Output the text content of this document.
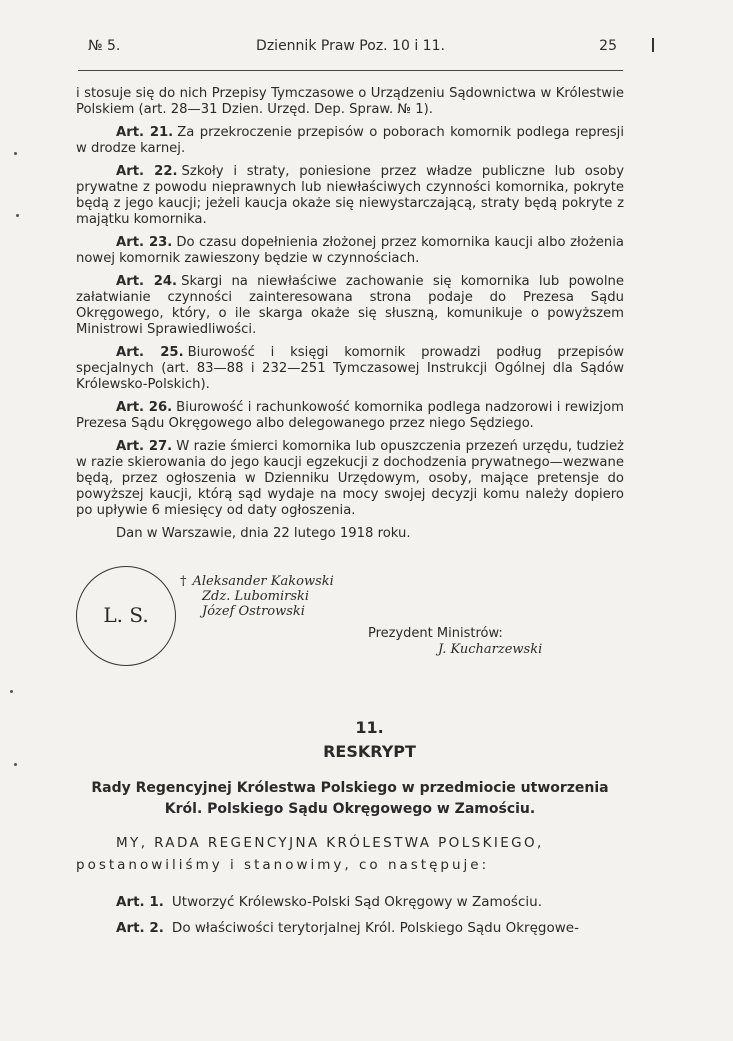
№ 5.	Dziennik Praw Poz. 10 i 11.	25

i stosuje się do nich Przepisy Tymczasowe o Urządzeniu Sądownictwa w Królestwie Polskiem (art. 28—31 Dzien. Urzęd. Dep. Spraw. № 1).

Art. 21. Za przekroczenie przepisów o poborach komornik podlega represji w drodze karnej.

Art. 22. Szkoły i straty, poniesione przez władze publiczne lub osoby prywatne z powodu nieprawnych lub niewłaściwych czynności komornika, pokryte będą z jego kaucji; jeżeli kaucja okaże się niewystarczającą, straty będą pokryte z majątku komornika.

Art. 23. Do czasu dopełnienia złożonej przez komornika kaucji albo złożenia nowej komornik zawieszony będzie w czynnościach.

Art. 24. Skargi na niewłaściwe zachowanie się komornika lub powolne załatwianie czynności zainteresowana strona podaje do Prezesa Sądu Okręgowego, który, o ile skarga okaże się słuszną, komunikuje o powyższem Ministrowi Sprawiedliwości.

Art. 25. Biurowość i księgi komornik prowadzi podług przepisów specjalnych (art. 83—88 i 232—251 Tymczasowej Instrukcji Ogólnej dla Sądów Królewsko-Polskich).

Art. 26. Biurowość i rachunkowość komornika podlega nadzorowi i rewizjom Prezesa Sądu Okręgowego albo delegowanego przez niego Sędziego.

Art. 27. W razie śmierci komornika lub opuszczenia przezeń urzędu, tudzież w razie skierowania do jego kaucji egzekucji z dochodzenia prywatnego—wezwane będą, przez ogłoszenia w Dzienniku Urzędowym, osoby, mające pretensje do powyższej kaucji, którą sąd wydaje na mocy swojej decyzji komu należy dopiero po upływie 6 miesięcy od daty ogłoszenia.

Dan w Warszawie, dnia 22 lutego 1918 roku.

L. S.
† Aleksander Kakowski
Zdz. Lubomirski
Józef Ostrowski
Prezydent Ministrów:
J. Kucharzewski
11.
RESKRYPT
Rady Regencyjnej Królestwa Polskiego w przedmiocie utworzenia Król. Polskiego Sądu Okręgowego w Zamościu.
MY, RADA REGENCYJNA KRÓLESTWA POLSKIEGO,
postanowiliśmy i stanowimy, co następuje:
Art. 1. Utworzyć Królewsko-Polski Sąd Okręgowy w Zamościu.
Art. 2. Do właściwości terytorjalnej Król. Polskiego Sądu Okręgowe-
